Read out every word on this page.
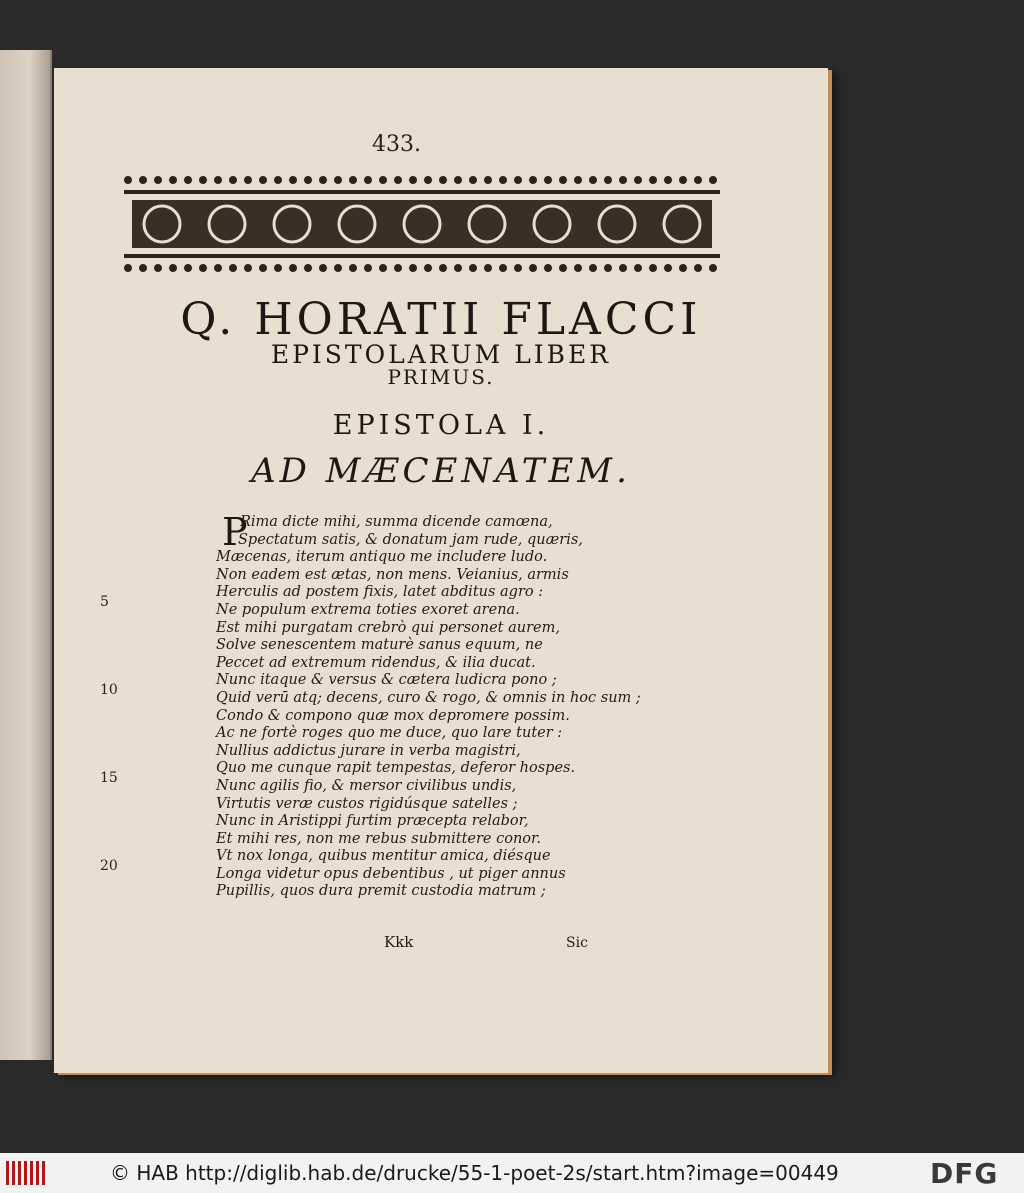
433.
Q. HORATII FLACCI
EPISTOLARUM LIBER
PRIMUS.
EPISTOLA I.
AD MÆCENATEM.
P
Rima dicte mihi, summa dicende camœna,
Spectatum satis, & donatum jam rude, quæris,
Mæcenas, iterum antiquo me includere ludo.
Non eadem est ætas, non mens. Veianius, armis
Herculis ad postem fixis, latet abditus agro :
Ne populum extrema toties exoret arena.
Est mihi purgatam crebrò qui personet aurem,
Solve senescentem maturè sanus equum, ne
Peccet ad extremum ridendus, & ilia ducat.
Nunc itaque & versus & cætera ludicra pono ;
Quid verū atq; decens, curo & rogo, & omnis in hoc sum ;
Condo & compono quæ mox depromere possim.
Ac ne fortè roges quo me duce, quo lare tuter :
Nullius addictus jurare in verba magistri,
Quo me cunque rapit tempestas, deferor hospes.
Nunc agilis fio, & mersor civilibus undis,
Virtutis veræ custos rigidúsque satelles ;
Nunc in Aristippi furtim præcepta relabor,
Et mihi res, non me rebus submittere conor.
Vt nox longa, quibus mentitur amica, diésque
Longa videtur opus debentibus , ut piger annus
Pupillis, quos dura premit custodia matrum ;
5
10
15
20
Kkk	Sic
© HAB http://diglib.hab.de/drucke/55-1-poet-2s/start.htm?image=00449	DFG
